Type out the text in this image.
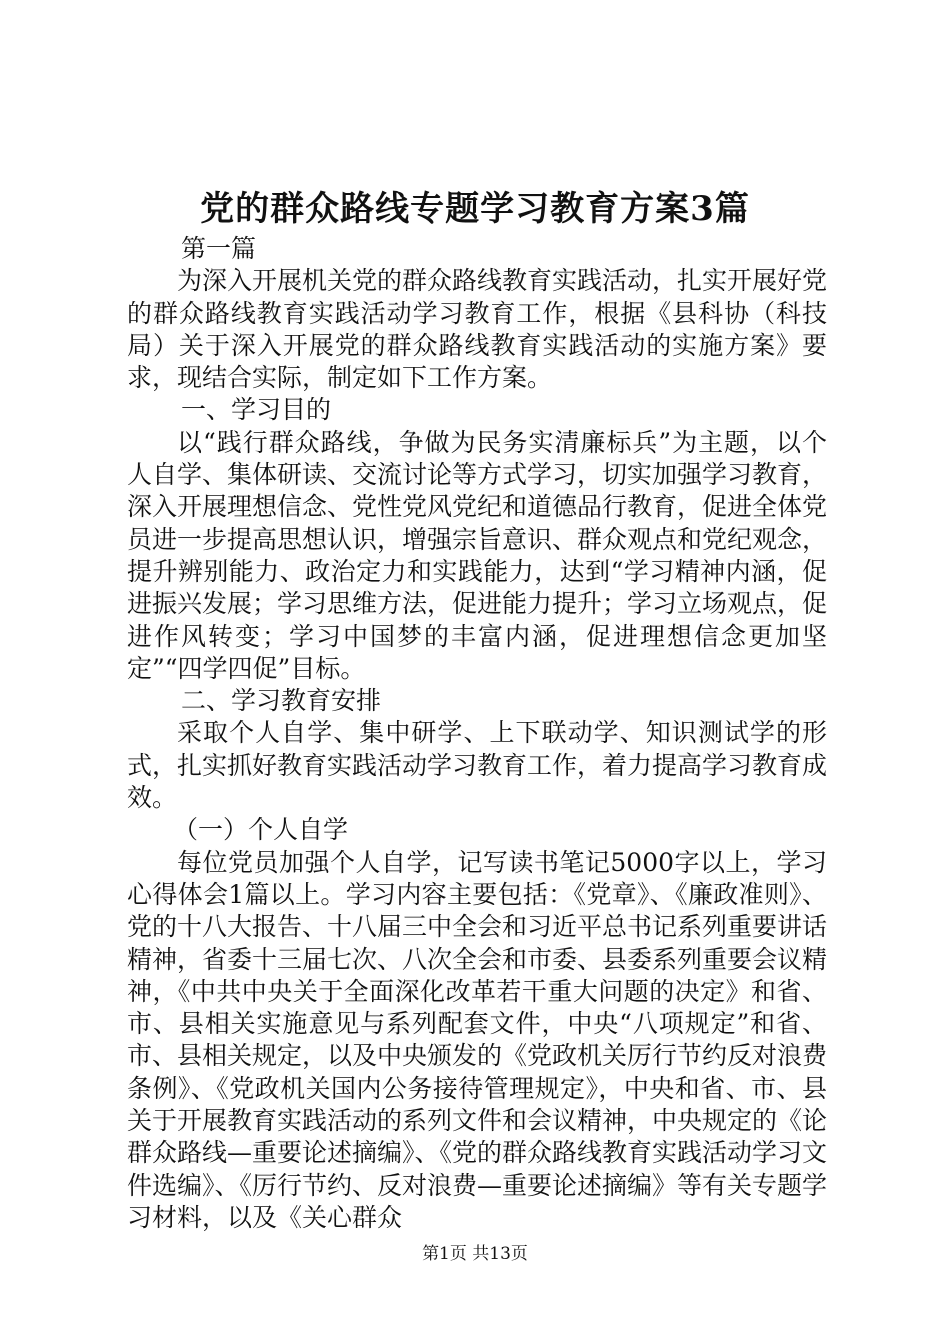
党的群众路线专题学习教育方案3篇

第一篇

为深入开展机关党的群众路线教育实践活动，扎实开展好党的群众路线教育实践活动学习教育工作，根据《县科协（科技局）关于深入开展党的群众路线教育实践活动的实施方案》要求，现结合实际，制定如下工作方案。

一、学习目的

以“践行群众路线，争做为民务实清廉标兵”为主题，以个人自学、集体研读、交流讨论等方式学习，切实加强学习教育，深入开展理想信念、党性党风党纪和道德品行教育，促进全体党员进一步提高思想认识，增强宗旨意识、群众观点和党纪观念，提升辨别能力、政治定力和实践能力，达到“学习精神内涵，促进振兴发展；学习思维方法，促进能力提升；学习立场观点，促进作风转变；学习中国梦的丰富内涵，促进理想信念更加坚定”“四学四促”目标。

二、学习教育安排

采取个人自学、集中研学、上下联动学、知识测试学的形式，扎实抓好教育实践活动学习教育工作，着力提高学习教育成效。

（一）个人自学

每位党员加强个人自学，记写读书笔记5000字以上，学习心得体会1篇以上。学习内容主要包括：《党章》、《廉政准则》、党的十八大报告、十八届三中全会和习近平总书记系列重要讲话精神，省委十三届七次、八次全会和市委、县委系列重要会议精神，《中共中央关于全面深化改革若干重大问题的决定》和省、市、县相关实施意见与系列配套文件，中央“八项规定”和省、市、县相关规定，以及中央颁发的《党政机关厉行节约反对浪费条例》、《党政机关国内公务接待管理规定》，中央和省、市、县关于开展教育实践活动的系列文件和会议精神，中央规定的《论群众路线—重要论述摘编》、《党的群众路线教育实践活动学习文件选编》、《厉行节约、反对浪费—重要论述摘编》等有关专题学习材料，以及《关心群众

第1页 共13页
